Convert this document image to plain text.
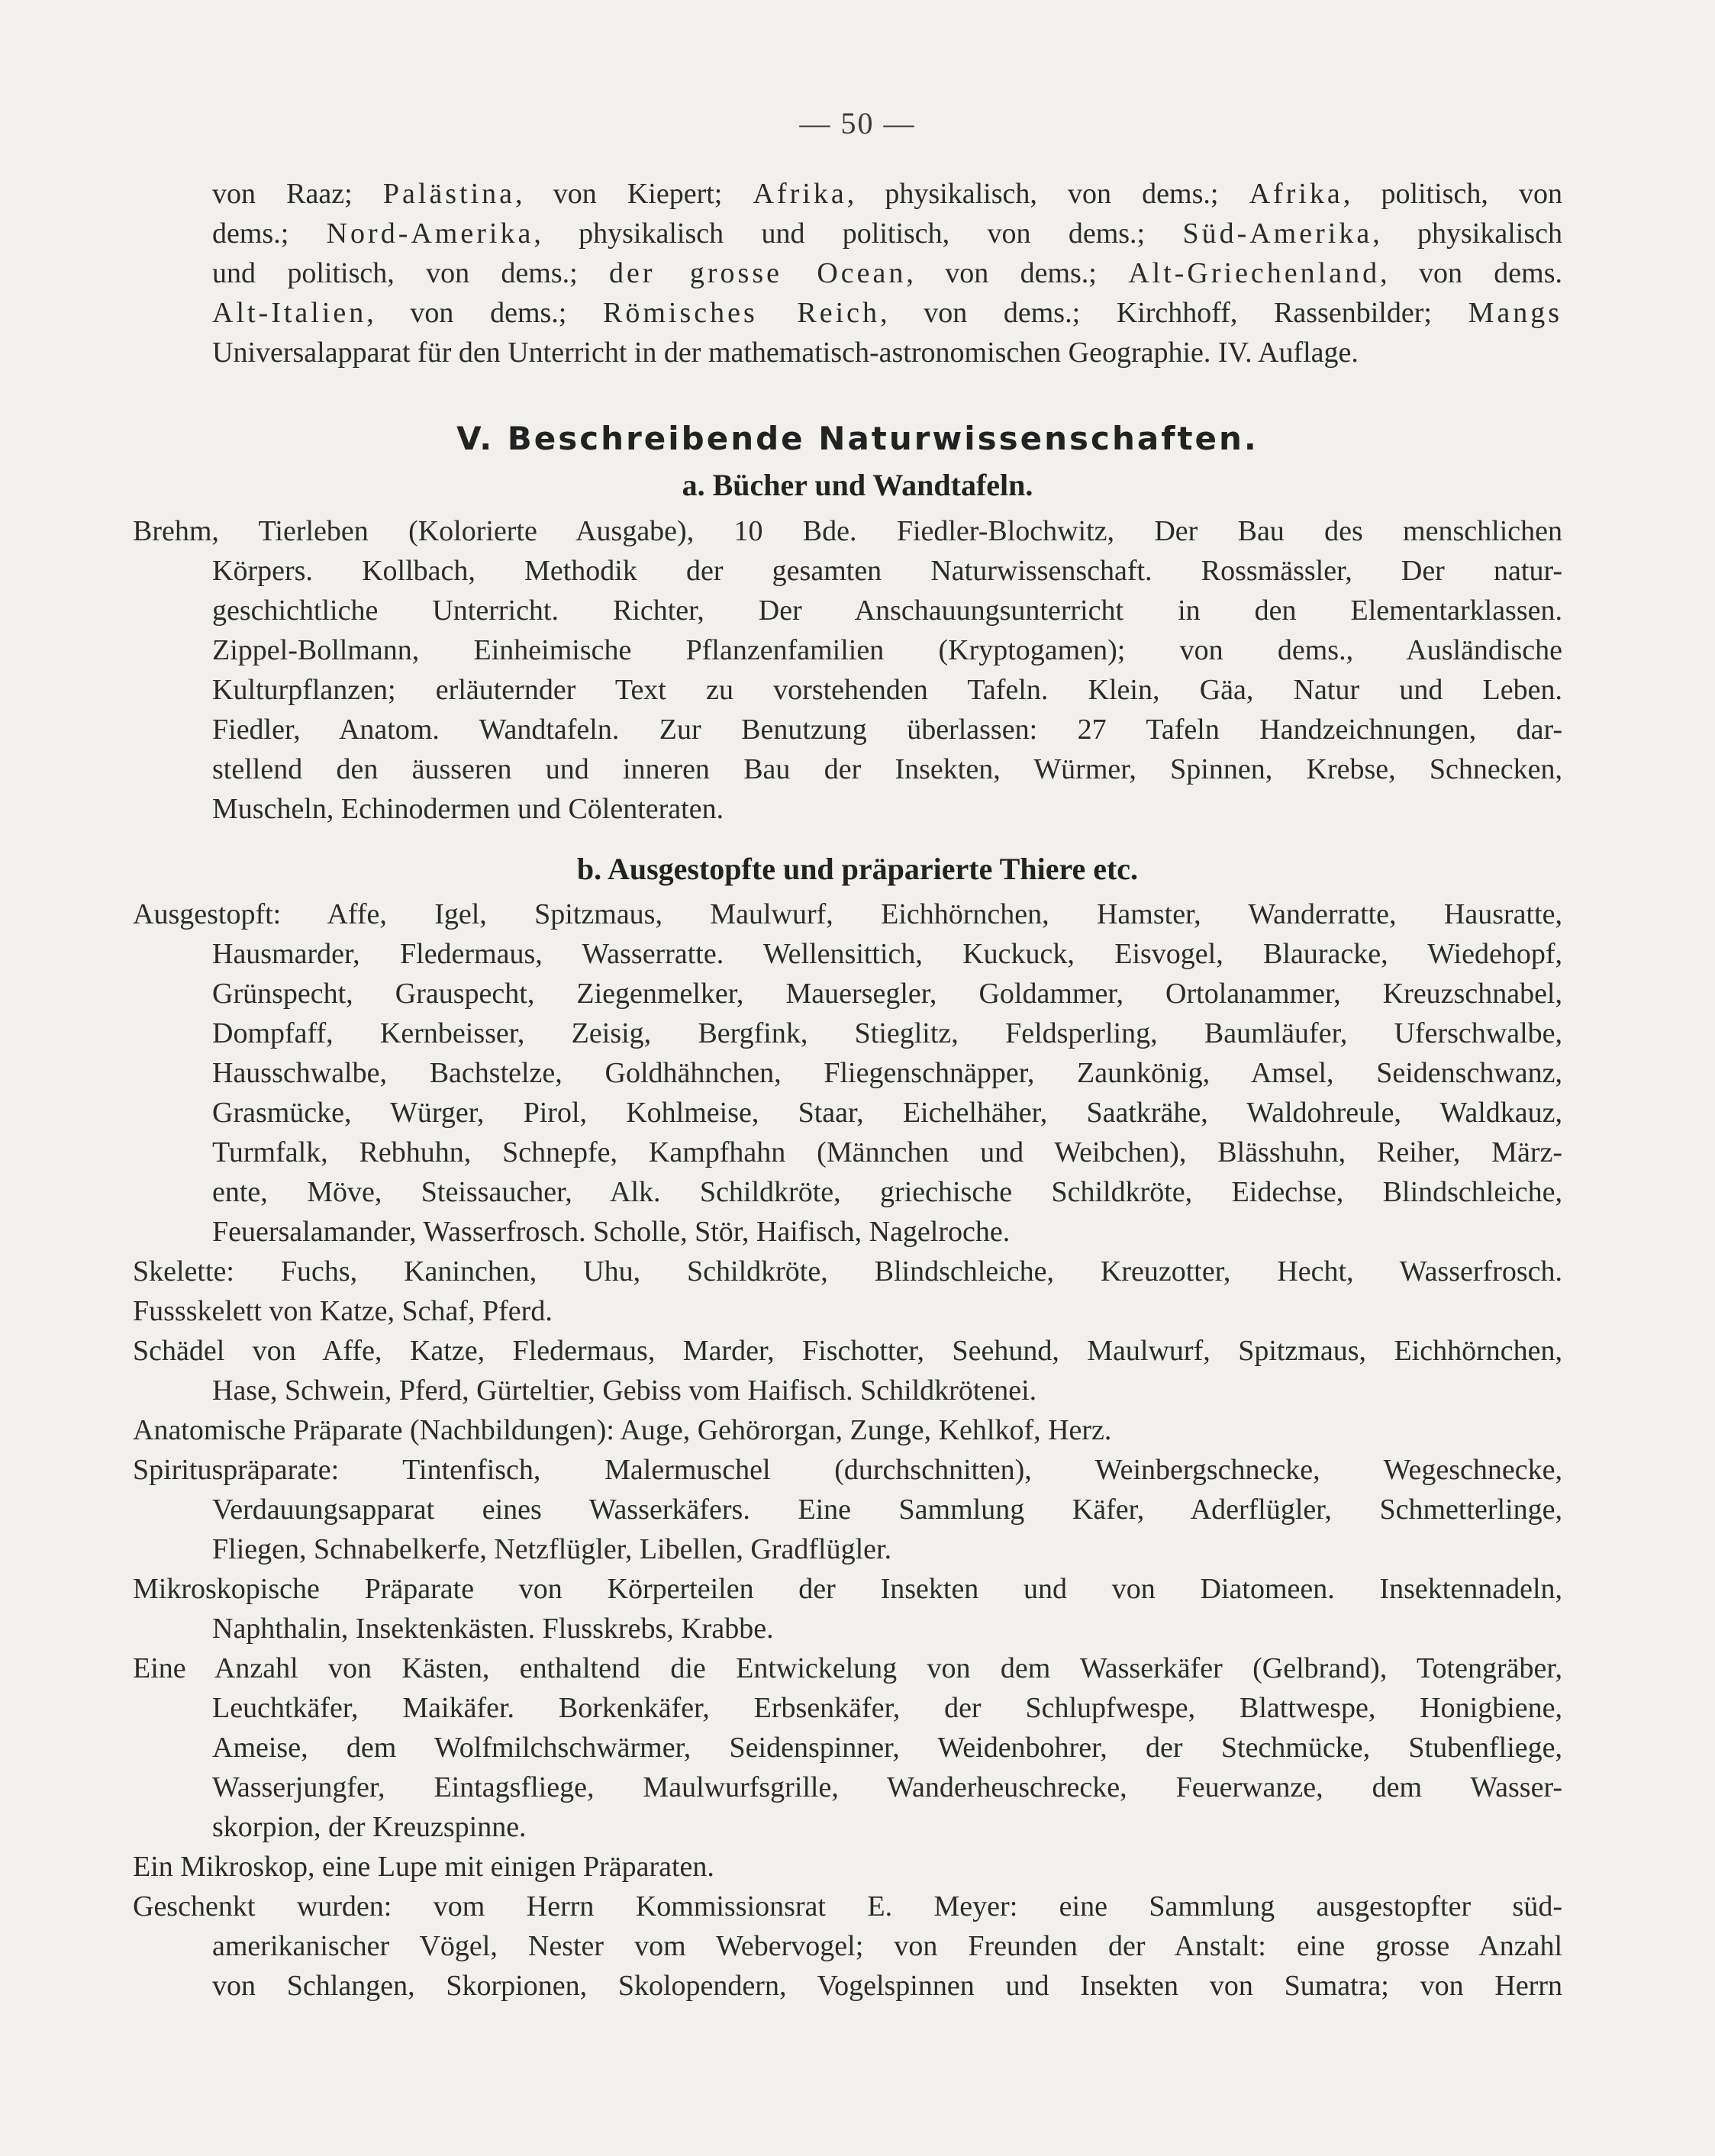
— 50 —
von Raaz; Palästina, von Kiepert; Afrika, physikalisch, von dems.; Afrika, politisch, von
dems.; Nord-Amerika, physikalisch und politisch, von dems.; Süd-Amerika, physikalisch
und politisch, von dems.; der grosse Ocean, von dems.; Alt-Griechenland, von dems.
Alt-Italien, von dems.; Römisches Reich, von dems.; Kirchhoff, Rassenbilder; Mangs
Universalapparat für den Unterricht in der mathematisch-astronomischen Geographie. IV. Auflage.
V. Beschreibende Naturwissenschaften.
a. Bücher und Wandtafeln.
Brehm, Tierleben (Kolorierte Ausgabe), 10 Bde. Fiedler-Blochwitz, Der Bau des menschlichen
Körpers. Kollbach, Methodik der gesamten Naturwissenschaft. Rossmässler, Der natur-
geschichtliche Unterricht. Richter, Der Anschauungsunterricht in den Elementarklassen.
Zippel-Bollmann, Einheimische Pflanzenfamilien (Kryptogamen); von dems., Ausländische
Kulturpflanzen; erläuternder Text zu vorstehenden Tafeln. Klein, Gäa, Natur und Leben.
Fiedler, Anatom. Wandtafeln. Zur Benutzung überlassen: 27 Tafeln Handzeichnungen, dar-
stellend den äusseren und inneren Bau der Insekten, Würmer, Spinnen, Krebse, Schnecken,
Muscheln, Echinodermen und Cölenteraten.
b. Ausgestopfte und präparierte Thiere etc.
Ausgestopft: Affe, Igel, Spitzmaus, Maulwurf, Eichhörnchen, Hamster, Wanderratte, Hausratte,
Hausmarder, Fledermaus, Wasserratte. Wellensittich, Kuckuck, Eisvogel, Blauracke, Wiedehopf,
Grünspecht, Grauspecht, Ziegenmelker, Mauersegler, Goldammer, Ortolanammer, Kreuzschnabel,
Dompfaff, Kernbeisser, Zeisig, Bergfink, Stieglitz, Feldsperling, Baumläufer, Uferschwalbe,
Hausschwalbe, Bachstelze, Goldhähnchen, Fliegenschnäpper, Zaunkönig, Amsel, Seidenschwanz,
Grasmücke, Würger, Pirol, Kohlmeise, Staar, Eichelhäher, Saatkrähe, Waldohreule, Waldkauz,
Turmfalk, Rebhuhn, Schnepfe, Kampfhahn (Männchen und Weibchen), Blässhuhn, Reiher, März-
ente, Möve, Steissaucher, Alk. Schildkröte, griechische Schildkröte, Eidechse, Blindschleiche,
Feuersalamander, Wasserfrosch. Scholle, Stör, Haifisch, Nagelroche.
Skelette: Fuchs, Kaninchen, Uhu, Schildkröte, Blindschleiche, Kreuzotter, Hecht, Wasserfrosch.
Fussskelett von Katze, Schaf, Pferd.
Schädel von Affe, Katze, Fledermaus, Marder, Fischotter, Seehund, Maulwurf, Spitzmaus, Eichhörnchen,
Hase, Schwein, Pferd, Gürteltier, Gebiss vom Haifisch. Schildkrötenei.
Anatomische Präparate (Nachbildungen): Auge, Gehörorgan, Zunge, Kehlkof, Herz.
Spirituspräparate: Tintenfisch, Malermuschel (durchschnitten), Weinbergschnecke, Wegeschnecke,
Verdauungsapparat eines Wasserkäfers. Eine Sammlung Käfer, Aderflügler, Schmetterlinge,
Fliegen, Schnabelkerfe, Netzflügler, Libellen, Gradflügler.
Mikroskopische Präparate von Körperteilen der Insekten und von Diatomeen. Insektennadeln,
Naphthalin, Insektenkästen. Flusskrebs, Krabbe.
Eine Anzahl von Kästen, enthaltend die Entwickelung von dem Wasserkäfer (Gelbrand), Totengräber,
Leuchtkäfer, Maikäfer. Borkenkäfer, Erbsenkäfer, der Schlupfwespe, Blattwespe, Honigbiene,
Ameise, dem Wolfmilchschwärmer, Seidenspinner, Weidenbohrer, der Stechmücke, Stubenfliege,
Wasserjungfer, Eintagsfliege, Maulwurfsgrille, Wanderheuschrecke, Feuerwanze, dem Wasser-
skorpion, der Kreuzspinne.
Ein Mikroskop, eine Lupe mit einigen Präparaten.
Geschenkt wurden: vom Herrn Kommissionsrat E. Meyer: eine Sammlung ausgestopfter süd-
amerikanischer Vögel, Nester vom Webervogel; von Freunden der Anstalt: eine grosse Anzahl
von Schlangen, Skorpionen, Skolopendern, Vogelspinnen und Insekten von Sumatra; von Herrn
